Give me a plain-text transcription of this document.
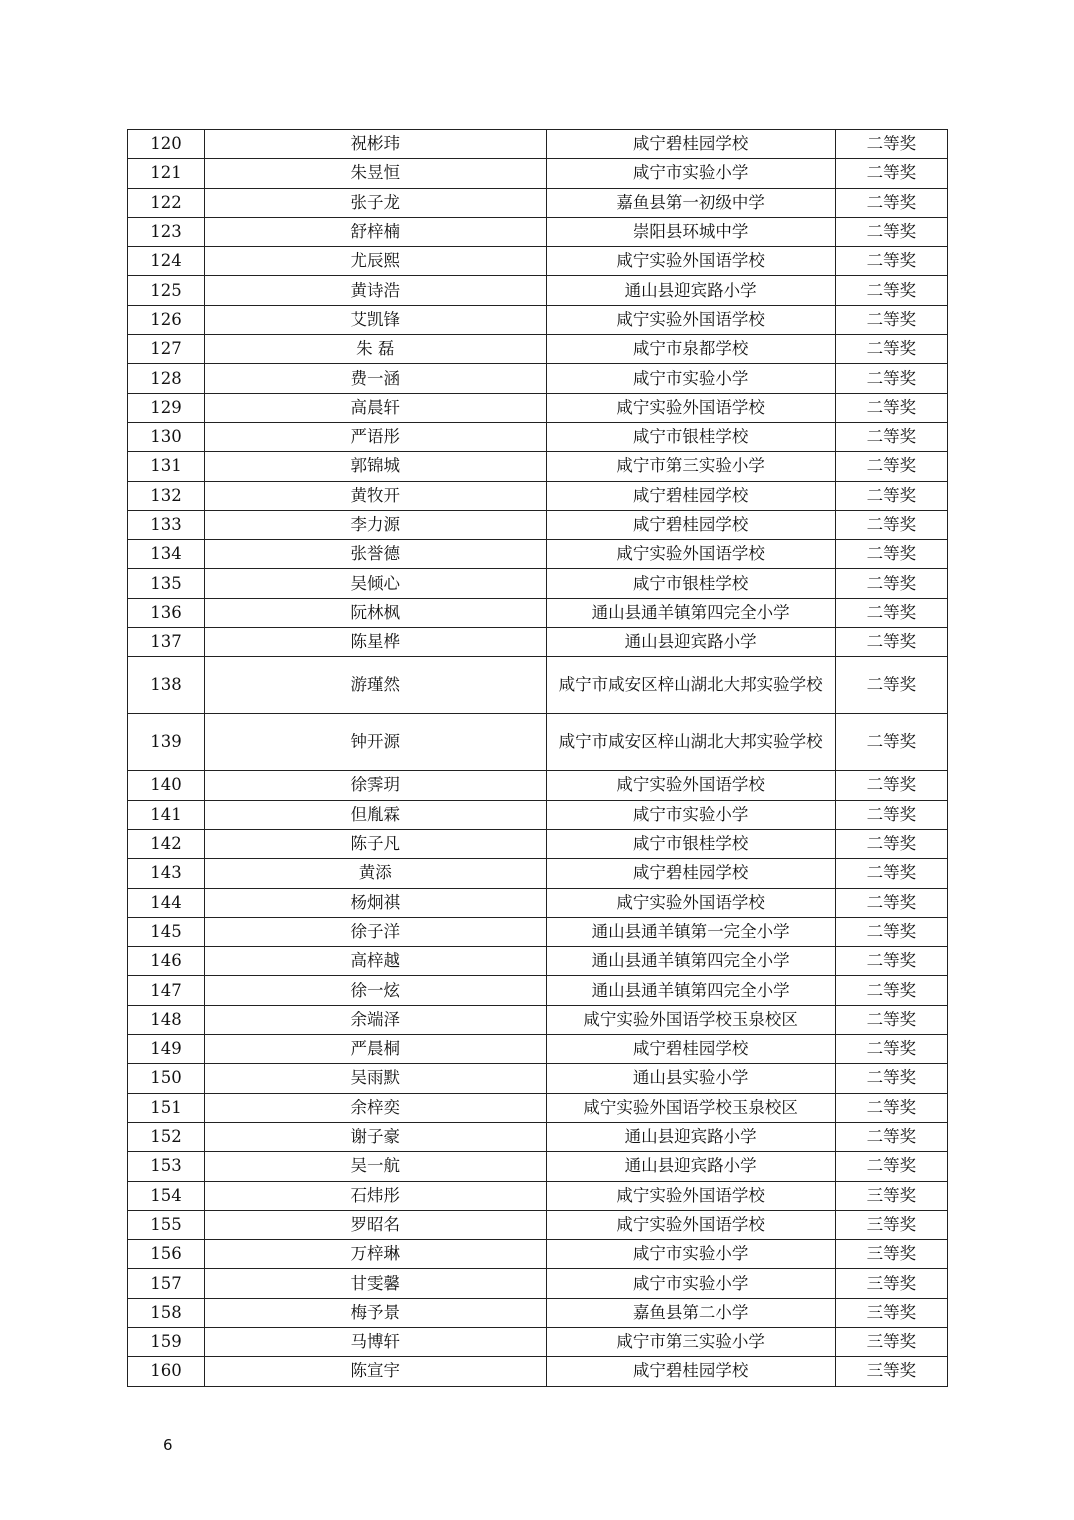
120	祝彬玮	咸宁碧桂园学校	二等奖
121	朱昱恒	咸宁市实验小学	二等奖
122	张子龙	嘉鱼县第一初级中学	二等奖
123	舒梓楠	崇阳县环城中学	二等奖
124	尤辰熙	咸宁实验外国语学校	二等奖
125	黄诗浩	通山县迎宾路小学	二等奖
126	艾凯锋	咸宁实验外国语学校	二等奖
127	朱 磊	咸宁市泉都学校	二等奖
128	费一涵	咸宁市实验小学	二等奖
129	高晨轩	咸宁实验外国语学校	二等奖
130	严语彤	咸宁市银桂学校	二等奖
131	郭锦城	咸宁市第三实验小学	二等奖
132	黄牧开	咸宁碧桂园学校	二等奖
133	李力源	咸宁碧桂园学校	二等奖
134	张誉德	咸宁实验外国语学校	二等奖
135	吴倾心	咸宁市银桂学校	二等奖
136	阮林枫	通山县通羊镇第四完全小学	二等奖
137	陈星桦	通山县迎宾路小学	二等奖
138	游瑾然	咸宁市咸安区梓山湖北大邦实验学校	二等奖
139	钟开源	咸宁市咸安区梓山湖北大邦实验学校	二等奖
140	徐霁玥	咸宁实验外国语学校	二等奖
141	但胤霖	咸宁市实验小学	二等奖
142	陈子凡	咸宁市银桂学校	二等奖
143	黄添	咸宁碧桂园学校	二等奖
144	杨炯祺	咸宁实验外国语学校	二等奖
145	徐子洋	通山县通羊镇第一完全小学	二等奖
146	高梓越	通山县通羊镇第四完全小学	二等奖
147	徐一炫	通山县通羊镇第四完全小学	二等奖
148	余端泽	咸宁实验外国语学校玉泉校区	二等奖
149	严晨桐	咸宁碧桂园学校	二等奖
150	吴雨默	通山县实验小学	二等奖
151	余梓奕	咸宁实验外国语学校玉泉校区	二等奖
152	谢子豪	通山县迎宾路小学	二等奖
153	吴一航	通山县迎宾路小学	二等奖
154	石炜彤	咸宁实验外国语学校	三等奖
155	罗昭名	咸宁实验外国语学校	三等奖
156	万梓琳	咸宁市实验小学	三等奖
157	甘雯馨	咸宁市实验小学	三等奖
158	梅予景	嘉鱼县第二小学	三等奖
159	马博轩	咸宁市第三实验小学	三等奖
160	陈宣宇	咸宁碧桂园学校	三等奖
6
